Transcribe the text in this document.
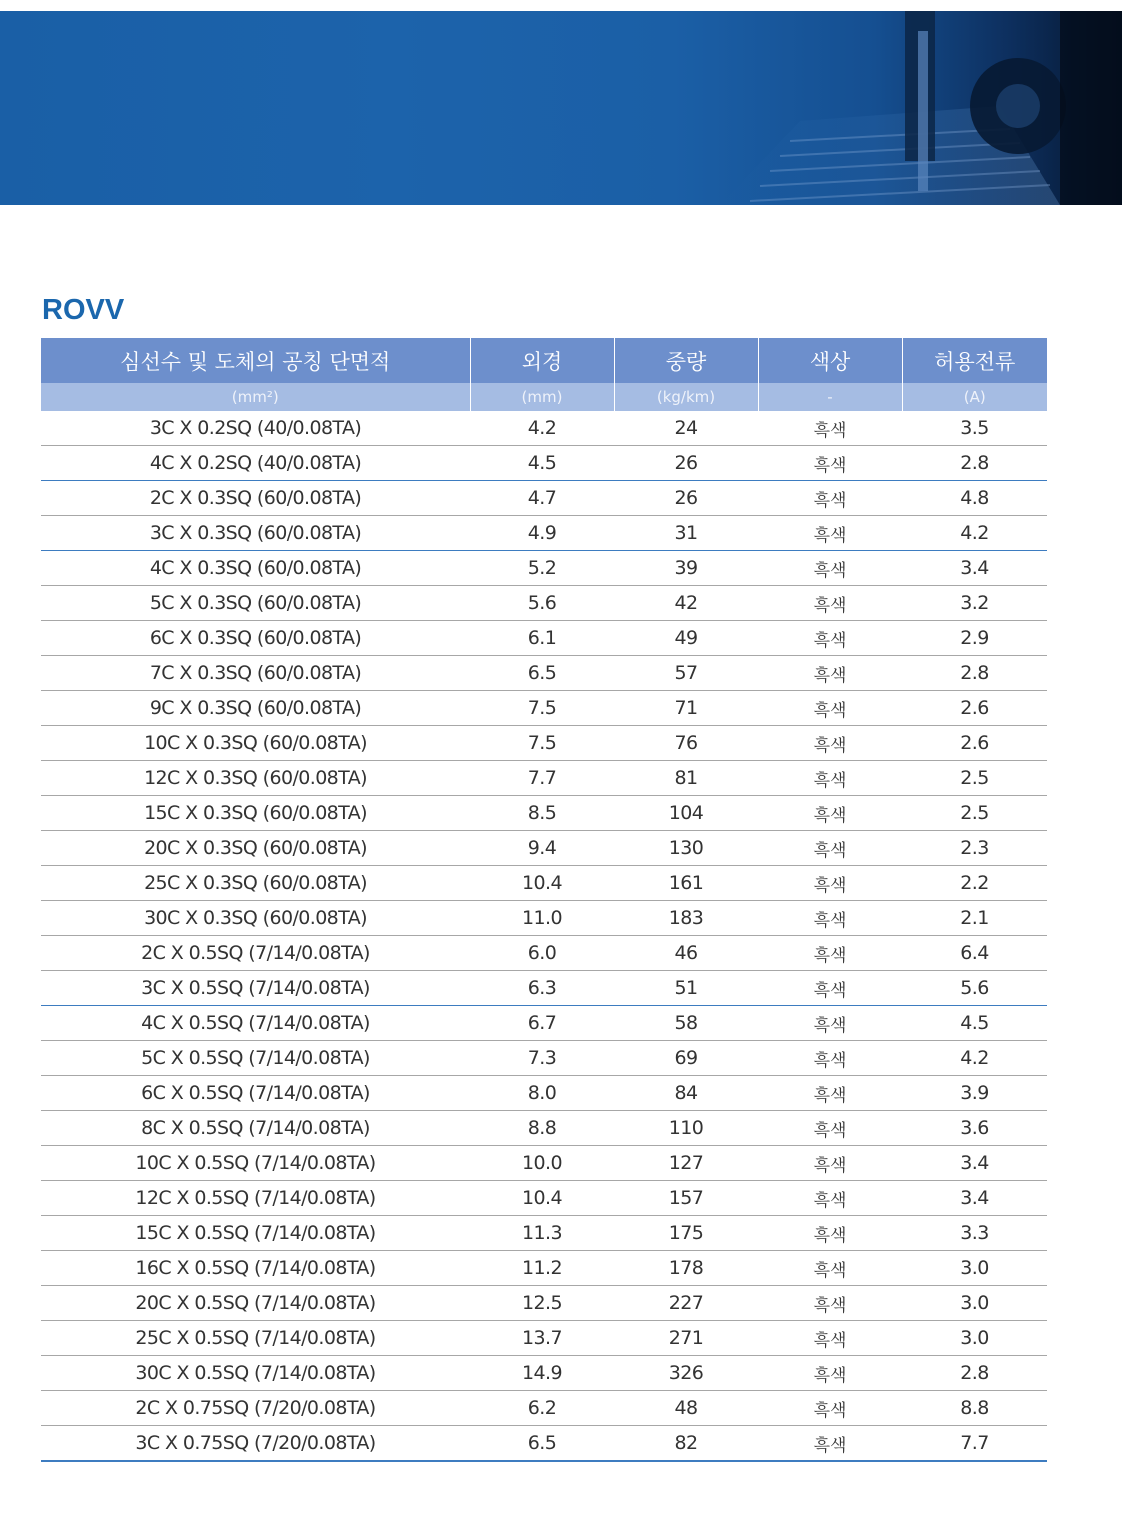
ROVV
심선수 및 도체의 공칭 단면적	외경	중량	색상	허용전류
(mm²)	(mm)	(kg/km)	-	(A)
3C X 0.2SQ (40/0.08TA)	4.2	24	흑색	3.5
4C X 0.2SQ (40/0.08TA)	4.5	26	흑색	2.8
2C X 0.3SQ (60/0.08TA)	4.7	26	흑색	4.8
3C X 0.3SQ (60/0.08TA)	4.9	31	흑색	4.2
4C X 0.3SQ (60/0.08TA)	5.2	39	흑색	3.4
5C X 0.3SQ (60/0.08TA)	5.6	42	흑색	3.2
6C X 0.3SQ (60/0.08TA)	6.1	49	흑색	2.9
7C X 0.3SQ (60/0.08TA)	6.5	57	흑색	2.8
9C X 0.3SQ (60/0.08TA)	7.5	71	흑색	2.6
10C X 0.3SQ (60/0.08TA)	7.5	76	흑색	2.6
12C X 0.3SQ (60/0.08TA)	7.7	81	흑색	2.5
15C X 0.3SQ (60/0.08TA)	8.5	104	흑색	2.5
20C X 0.3SQ (60/0.08TA)	9.4	130	흑색	2.3
25C X 0.3SQ (60/0.08TA)	10.4	161	흑색	2.2
30C X 0.3SQ (60/0.08TA)	11.0	183	흑색	2.1
2C X 0.5SQ (7/14/0.08TA)	6.0	46	흑색	6.4
3C X 0.5SQ (7/14/0.08TA)	6.3	51	흑색	5.6
4C X 0.5SQ (7/14/0.08TA)	6.7	58	흑색	4.5
5C X 0.5SQ (7/14/0.08TA)	7.3	69	흑색	4.2
6C X 0.5SQ (7/14/0.08TA)	8.0	84	흑색	3.9
8C X 0.5SQ (7/14/0.08TA)	8.8	110	흑색	3.6
10C X 0.5SQ (7/14/0.08TA)	10.0	127	흑색	3.4
12C X 0.5SQ (7/14/0.08TA)	10.4	157	흑색	3.4
15C X 0.5SQ (7/14/0.08TA)	11.3	175	흑색	3.3
16C X 0.5SQ (7/14/0.08TA)	11.2	178	흑색	3.0
20C X 0.5SQ (7/14/0.08TA)	12.5	227	흑색	3.0
25C X 0.5SQ (7/14/0.08TA)	13.7	271	흑색	3.0
30C X 0.5SQ (7/14/0.08TA)	14.9	326	흑색	2.8
2C X 0.75SQ (7/20/0.08TA)	6.2	48	흑색	8.8
3C X 0.75SQ (7/20/0.08TA)	6.5	82	흑색	7.7
